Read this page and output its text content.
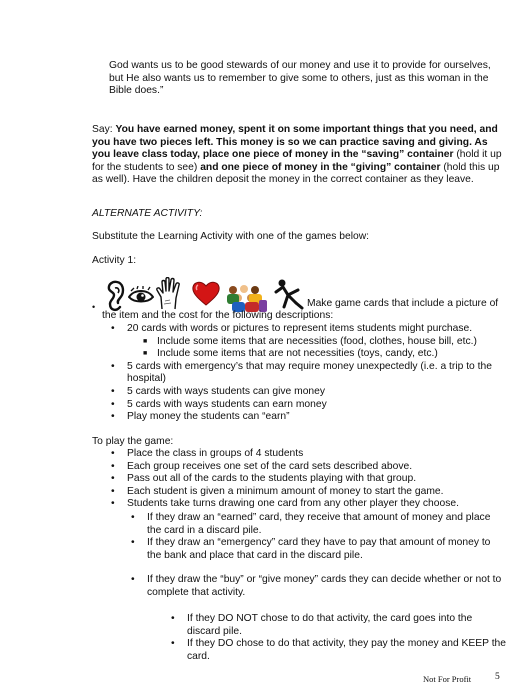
God wants us to be good stewards of our money and use it to provide for ourselves,

but He also wants us to remember to give some to others, just as this woman in the

Bible does.”

Say: You have earned money, spent it on some important things that you need, and you have two pieces left. This money is so we can practice saving and giving. As you leave class today, place one piece of money in the “saving” container (hold it up for the students to see) and one piece of money in the “giving” container (hold this up as well). Have the children deposit the money in the correct container as they leave.

ALTERNATE ACTIVITY:
Substitute the Learning Activity with one of the games below:
Activity 1:
•	Make game cards that include a picture of
the item and the cost for the following descriptions:
• 20 cards with words or pictures to represent items students might purchase.
■ Include some items that are necessities (food, clothes, house bill, etc.)
■ Include some items that are not necessities (toys, candy, etc.)
• 5 cards with emergency’s that may require money unexpectedly (i.e. a trip to the hospital)
• 5 cards with ways students can give money
• 5 cards with ways students can earn money
• Play money the students can “earn”
To play the game:
• Place the class in groups of 4 students
• Each group receives one set of the card sets described above.
• Pass out all of the cards to the students playing with that group.
• Each student is given a minimum amount of money to start the game.
• Students take turns drawing one card from any other player they choose.
• If they draw an “earned” card, they receive that amount of money and place the card in a discard pile.
• If they draw an “emergency” card they have to pay that amount of money to the bank and place that card in the discard pile.
• If they draw the “buy” or “give money” cards they can decide whether or not to complete that activity.
• If they DO NOT chose to do that activity, the card goes into the discard pile.
• If they DO chose to do that activity, they pay the money and KEEP the card.
Not For Profit	5
